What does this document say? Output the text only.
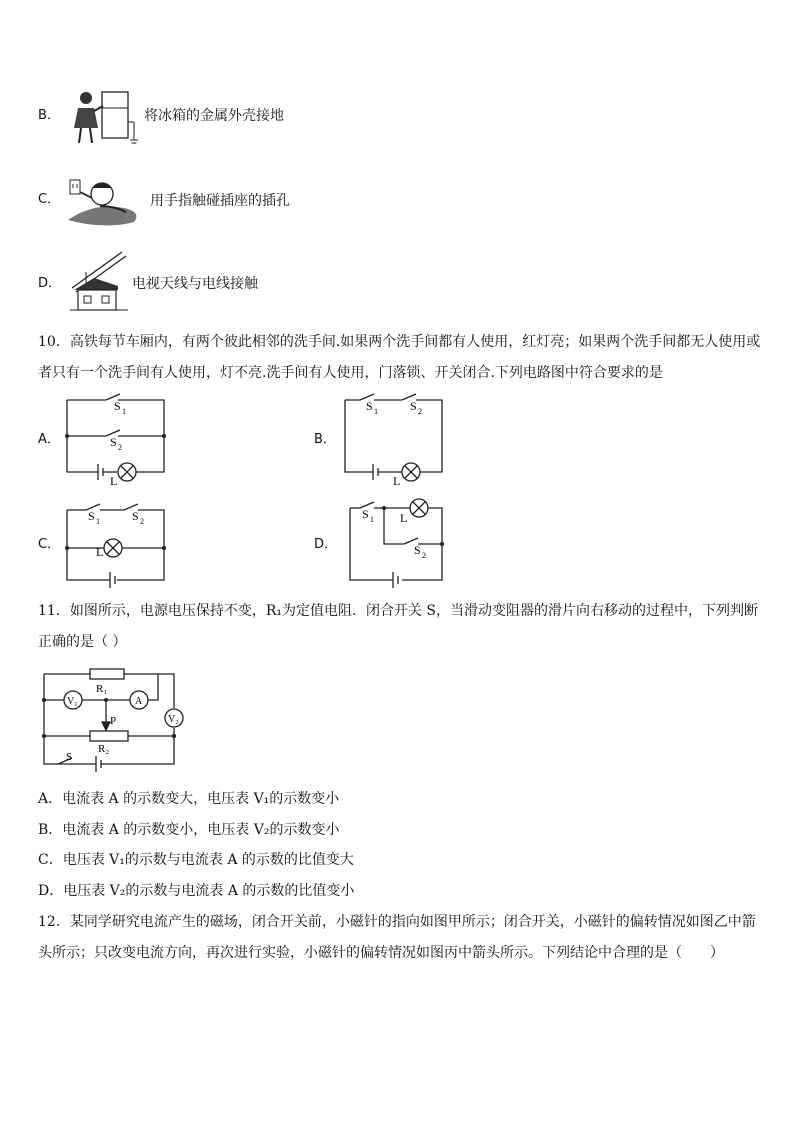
B．	将冰箱的金属外壳接地
C．	用手指触碰插座的插孔
D．	电视天线与电线接触
10．高铁每节车厢内，有两个彼此相邻的洗手间.如果两个洗手间都有人使用，红灯亮；如果两个洗手间都无人使用或
者只有一个洗手间有人使用，灯不亮.洗手间有人使用，门落锁、开关闭合.下列电路图中符合要求的是
A．
S 1
S 2
L
B．
S 1	S 2
L
C．
S 1	S 2
L	D．
S 1 L
S 2
11．如图所示，电源电压保持不变，R₁为定值电阻．闭合开关 S，当滑动变阻器的滑片向右移动的过程中，下列判断
正确的是（ ）
R₁
V₁	A
V₂
P
R₂
S
A．电流表 A 的示数变大，电压表 V₁的示数变小
B．电流表 A 的示数变小，电压表 V₂的示数变小
C．电压表 V₁的示数与电流表 A 的示数的比值变大
D．电压表 V₂的示数与电流表 A 的示数的比值变小
12．某同学研究电流产生的磁场，闭合开关前，小磁针的指向如图甲所示；闭合开关，小磁针的偏转情况如图乙中箭
头所示；只改变电流方向，再次进行实验，小磁针的偏转情况如图丙中箭头所示。下列结论中合理的是（　　）
